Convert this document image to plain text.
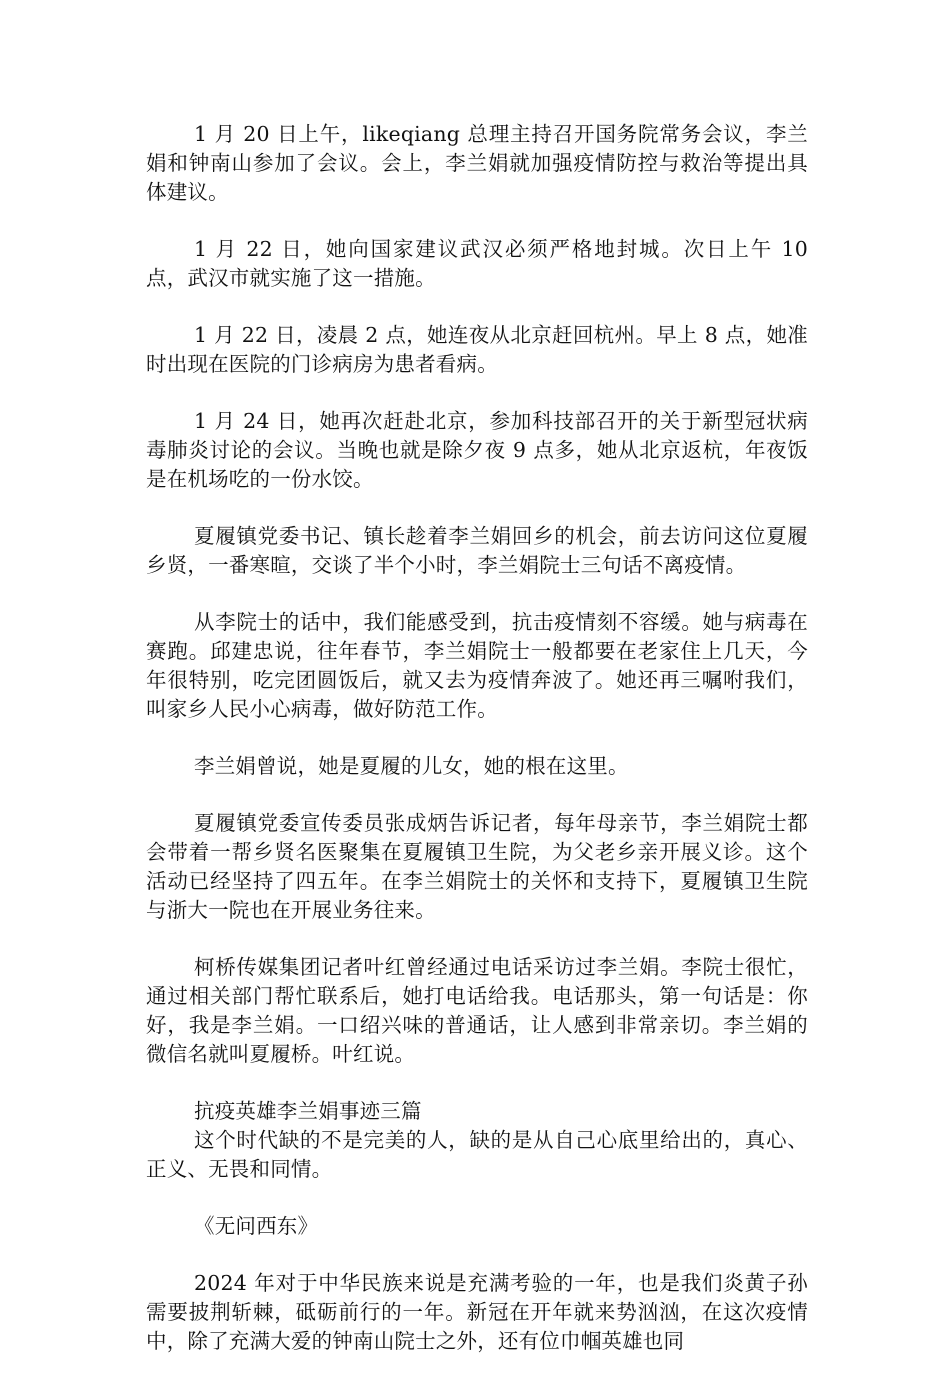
1 月 20 日上午，likeqiang 总理主持召开国务院常务会议，李兰娟和钟南山参加了会议。会上，李兰娟就加强疫情防控与救治等提出具体建议。

1 月 22 日，她向国家建议武汉必须严格地封城。次日上午 10 点，武汉市就实施了这一措施。

1 月 22 日，凌晨 2 点，她连夜从北京赶回杭州。早上 8 点，她准时出现在医院的门诊病房为患者看病。

1 月 24 日，她再次赶赴北京，参加科技部召开的关于新型冠状病毒肺炎讨论的会议。当晚也就是除夕夜 9 点多，她从北京返杭，年夜饭是在机场吃的一份水饺。

夏履镇党委书记、镇长趁着李兰娟回乡的机会，前去访问这位夏履乡贤，一番寒暄，交谈了半个小时，李兰娟院士三句话不离疫情。

从李院士的话中，我们能感受到，抗击疫情刻不容缓。她与病毒在赛跑。邱建忠说，往年春节，李兰娟院士一般都要在老家住上几天，今年很特别，吃完团圆饭后，就又去为疫情奔波了。她还再三嘱咐我们，叫家乡人民小心病毒，做好防范工作。

李兰娟曾说，她是夏履的儿女，她的根在这里。

夏履镇党委宣传委员张成炳告诉记者，每年母亲节，李兰娟院士都会带着一帮乡贤名医聚集在夏履镇卫生院，为父老乡亲开展义诊。这个活动已经坚持了四五年。在李兰娟院士的关怀和支持下，夏履镇卫生院与浙大一院也在开展业务往来。

柯桥传媒集团记者叶红曾经通过电话采访过李兰娟。李院士很忙，通过相关部门帮忙联系后，她打电话给我。电话那头，第一句话是：你好，我是李兰娟。一口绍兴味的普通话，让人感到非常亲切。李兰娟的微信名就叫夏履桥。叶红说。

抗疫英雄李兰娟事迹三篇

这个时代缺的不是完美的人，缺的是从自己心底里给出的，真心、正义、无畏和同情。

《无问西东》

2024 年对于中华民族来说是充满考验的一年，也是我们炎黄子孙需要披荆斩棘，砥砺前行的一年。新冠在开年就来势汹汹，在这次疫情中，除了充满大爱的钟南山院士之外，还有位巾帼英雄也同
